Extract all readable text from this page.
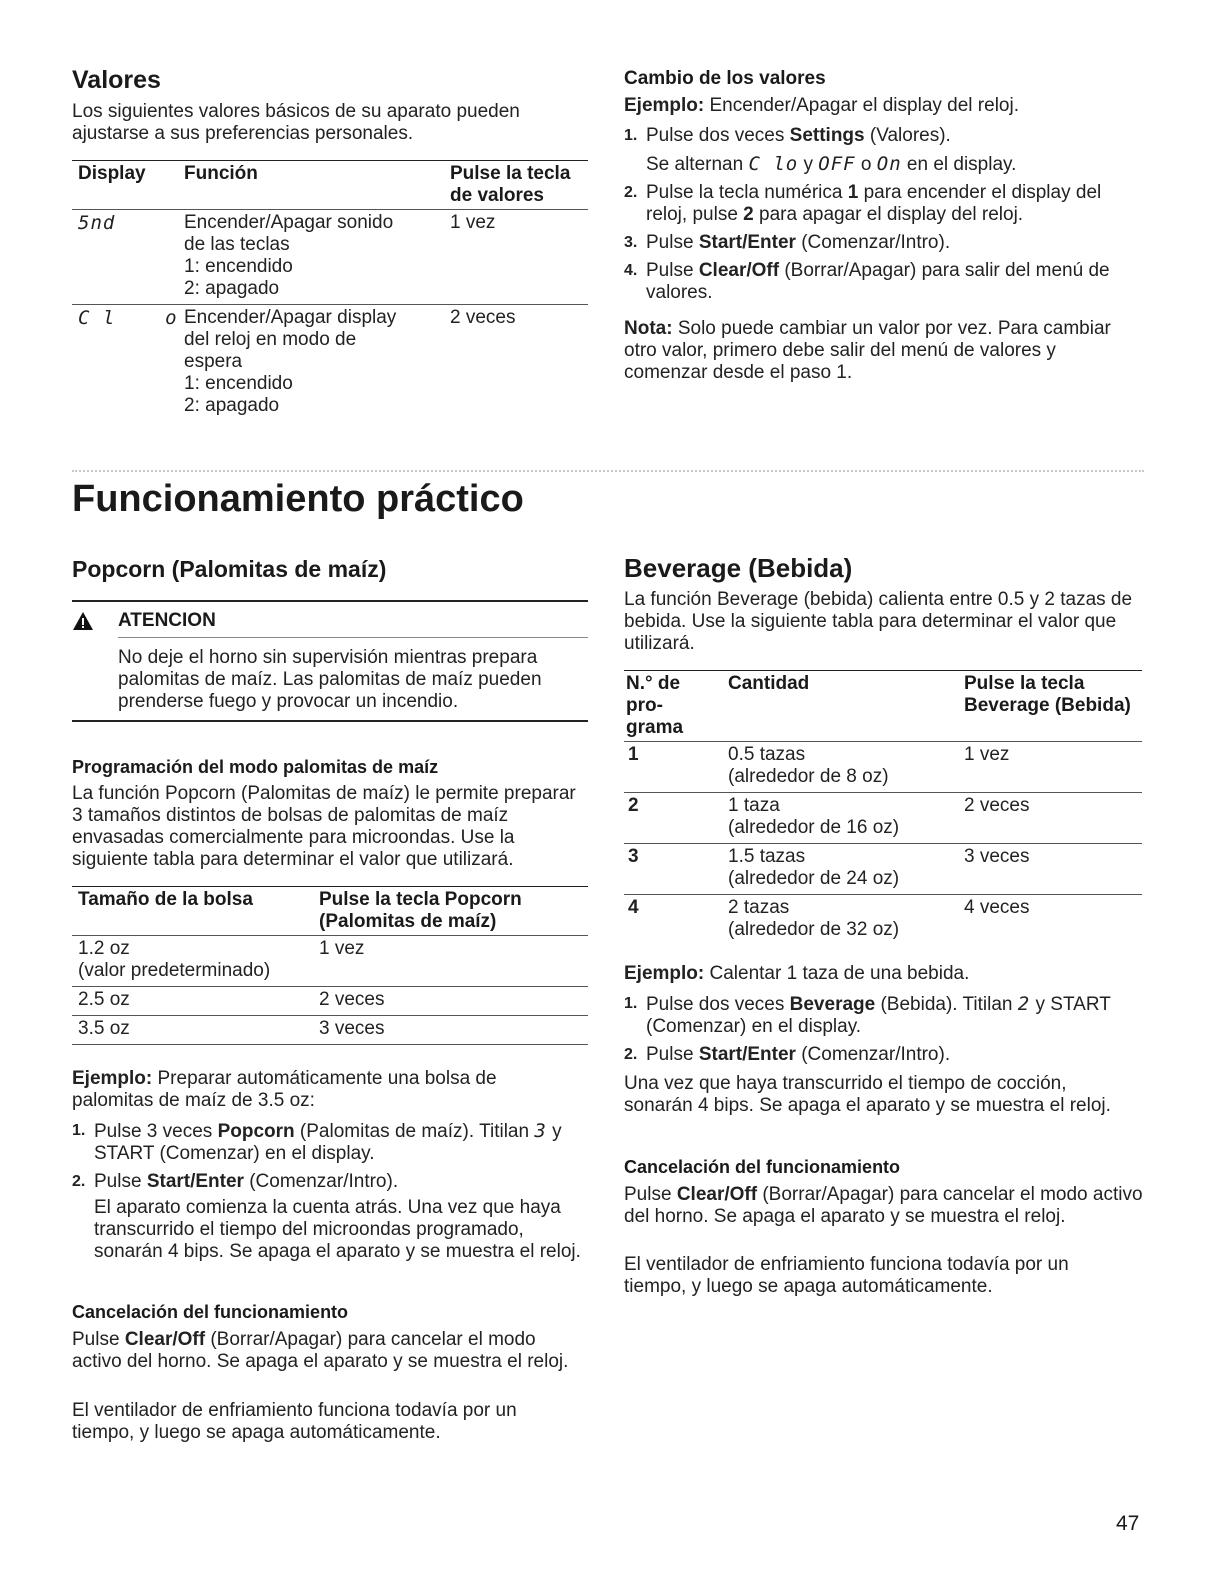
Valores

Los siguientes valores básicos de su aparato pueden ajustarse a sus preferencias personales.

Display	Función	Pulse la tecla de valores
5nd	Encender/Apagar sonido
de las teclas
1: encendido
2: apagado	1 vez
C l    o	Encender/Apagar display
del reloj en modo de
espera
1: encendido
2: apagado	2 veces
Cambio de los valores

Ejemplo: Encender/Apagar el display del reloj.

1. Pulse dos veces Settings (Valores).
Se alternan C lo y OFF o On en el display.
2. Pulse la tecla numérica 1 para encender el display del reloj, pulse 2 para apagar el display del reloj.
3. Pulse Start/Enter (Comenzar/Intro).
4. Pulse Clear/Off (Borrar/Apagar) para salir del menú de valores.

Nota: Solo puede cambiar un valor por vez. Para cambiar otro valor, primero debe salir del menú de valores y comenzar desde el paso 1.

Funcionamiento práctico
Popcorn (Palomitas de maíz)
ATENCION

No deje el horno sin supervisión mientras prepara palomitas de maíz. Las palomitas de maíz pueden prenderse fuego y provocar un incendio.

Programación del modo palomitas de maíz

La función Popcorn (Palomitas de maíz) le permite preparar 3 tamaños distintos de bolsas de palomitas de maíz envasadas comercialmente para microondas. Use la siguiente tabla para determinar el valor que utilizará.

Tamaño de la bolsa	Pulse la tecla Popcorn (Palomitas de maíz)

1.2 oz
(valor predeterminado)	1 vez
2.5 oz	2 veces
3.5 oz	3 veces

Ejemplo: Preparar automáticamente una bolsa de palomitas de maíz de 3.5 oz:

1. Pulse 3 veces Popcorn (Palomitas de maíz). Titilan 3 y START (Comenzar) en el display.
2. Pulse Start/Enter (Comenzar/Intro).
El aparato comienza la cuenta atrás. Una vez que haya transcurrido el tiempo del microondas programado, sonarán 4 bips. Se apaga el aparato y se muestra el reloj.
Cancelación del funcionamiento

Pulse Clear/Off (Borrar/Apagar) para cancelar el modo activo del horno. Se apaga el aparato y se muestra el reloj.

El ventilador de enfriamiento funciona todavía por un tiempo, y luego se apaga automáticamente.

Beverage (Bebida)

La función Beverage (bebida) calienta entre 0.5 y 2 tazas de bebida. Use la siguiente tabla para determinar el valor que utilizará.

N.° de pro- grama	Cantidad	Pulse la tecla Beverage (Bebida)
1	0.5 tazas
(alrededor de 8 oz)	1 vez
2	1 taza
(alrededor de 16 oz)	2 veces
3	1.5 tazas
(alrededor de 24 oz)	3 veces
4	2 tazas
(alrededor de 32 oz)	4 veces

Ejemplo: Calentar 1 taza de una bebida.

1. Pulse dos veces Beverage (Bebida). Titilan 2 y START (Comenzar) en el display.
2. Pulse Start/Enter (Comenzar/Intro).

Una vez que haya transcurrido el tiempo de cocción, sonarán 4 bips. Se apaga el aparato y se muestra el reloj.

Cancelación del funcionamiento

Pulse Clear/Off (Borrar/Apagar) para cancelar el modo activo del horno. Se apaga el aparato y se muestra el reloj.

El ventilador de enfriamiento funciona todavía por un tiempo, y luego se apaga automáticamente.

47
